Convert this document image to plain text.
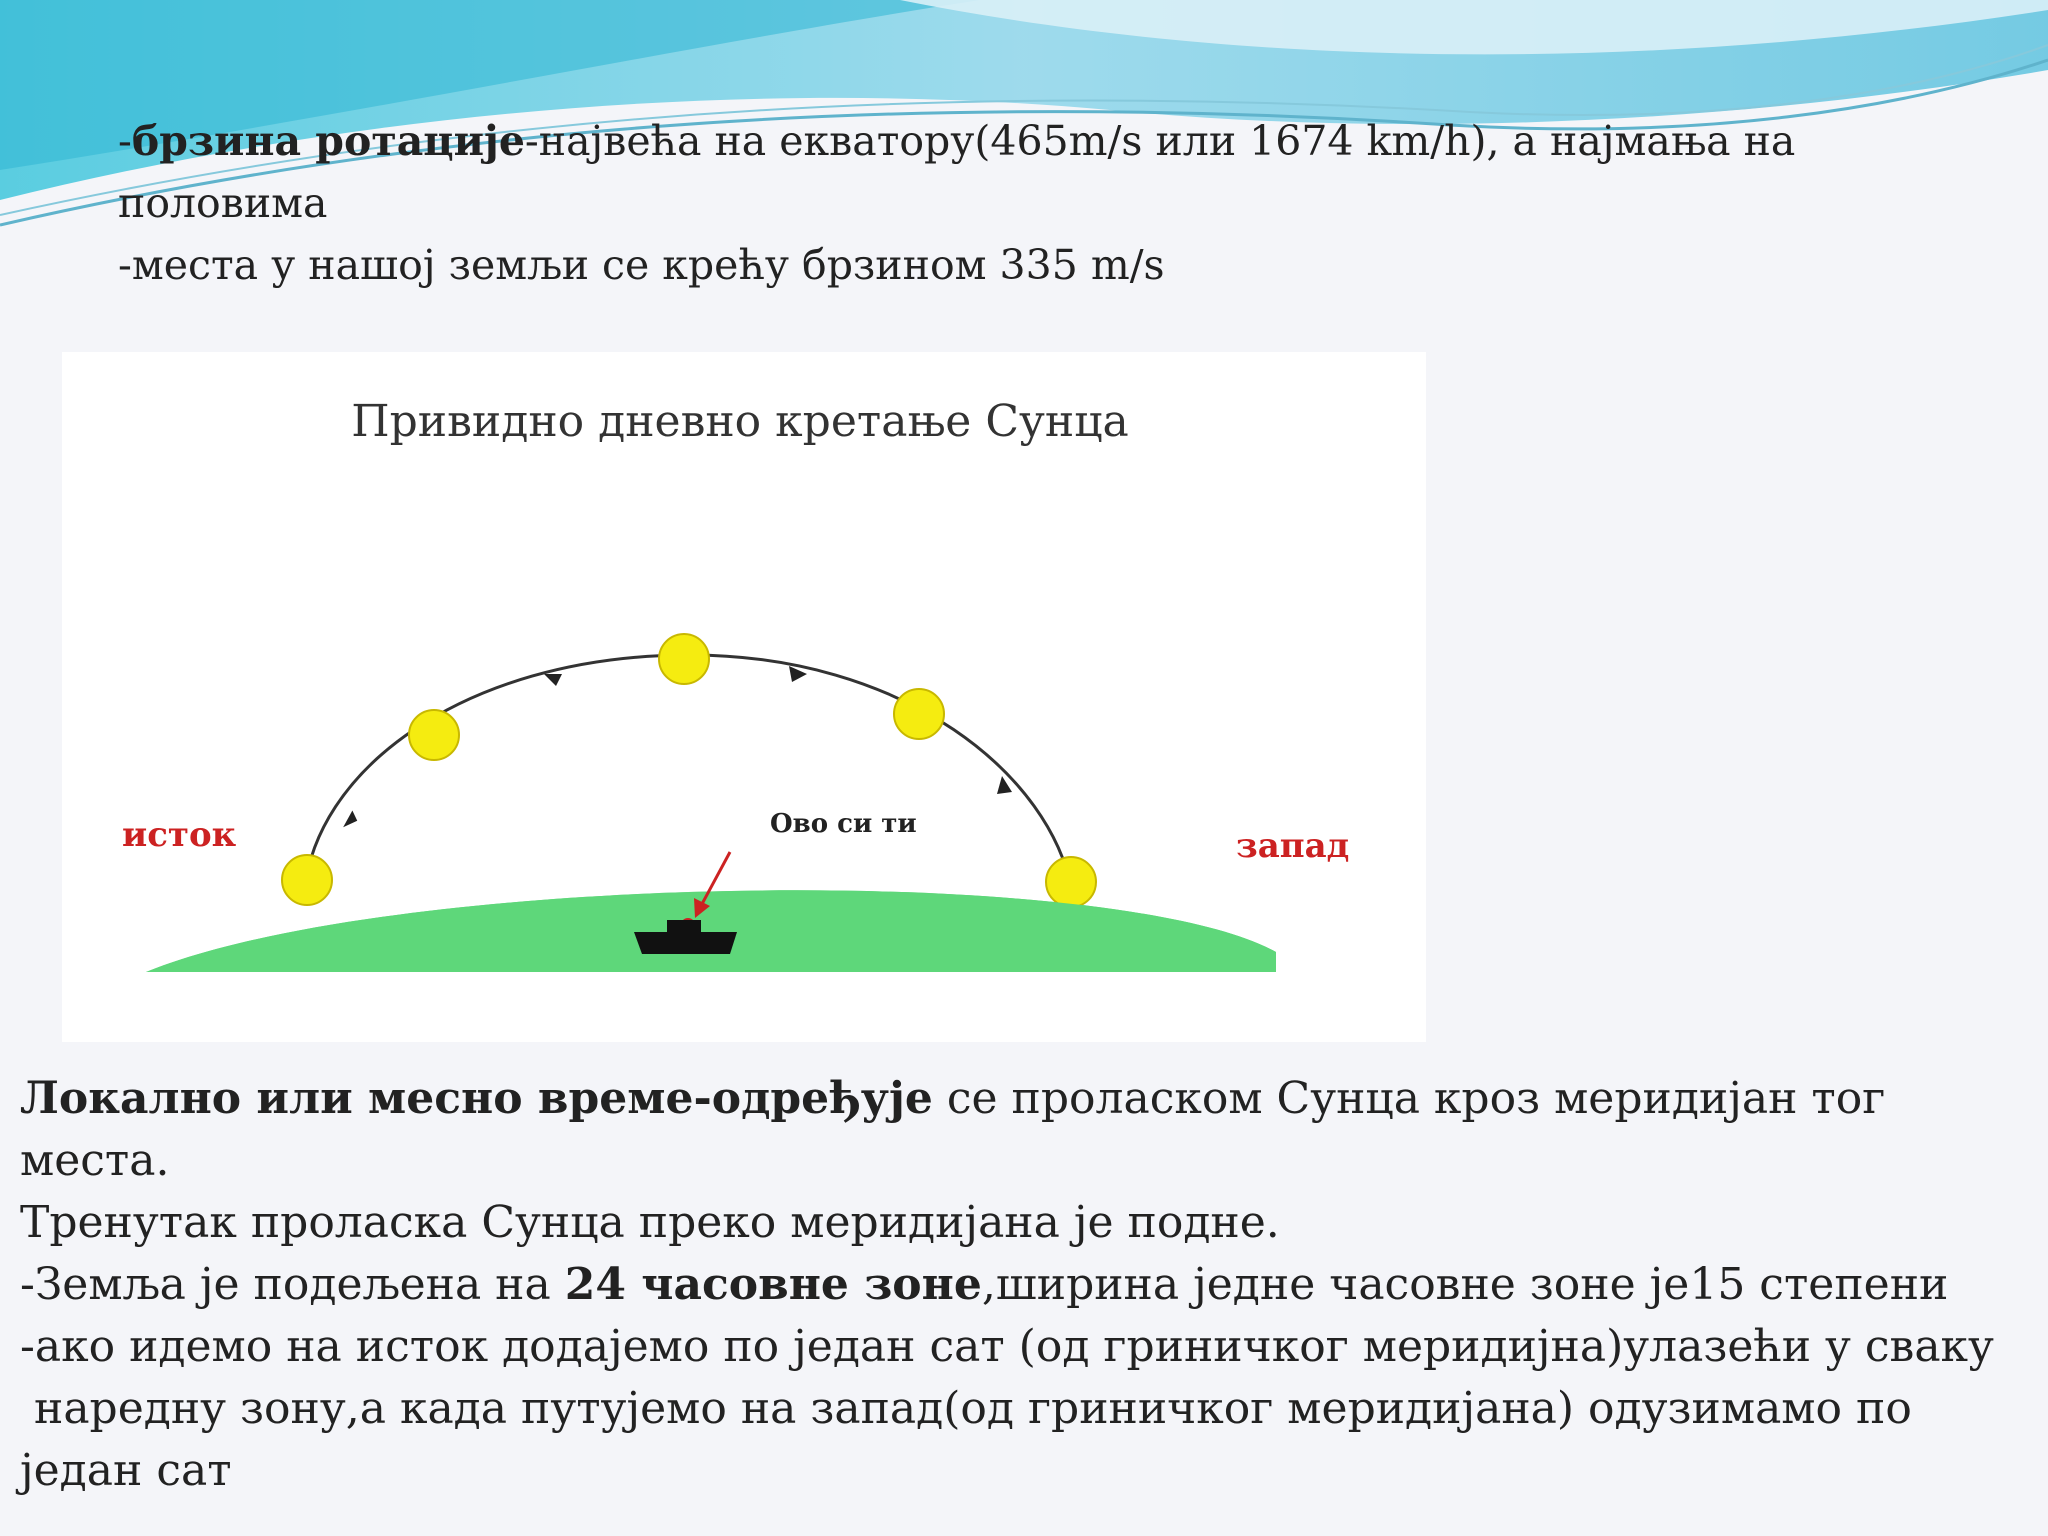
-брзина ротације-највећа на екватору(465m/s или 1674 km/h), а најмања на

половима

-места у нашој земљи се крећу брзином 335 m/s

Привидно дневно кретање Сунца
исток	запад
Ово си ти

Локално или месно време-одређује се проласком Сунца кроз меридијан тог места.

Тренутак проласка Сунца преко меридијана је подне.

-Земља је подељена на 24 часовне зоне,ширина једне часовне зоне је15 степени

-ако идемо на исток додајемо по један сат (од гриничког меридијна)улазећи у сваку

наредну зону,а када путујемо на запад(од гриничког меридијана) одузимамо по

један сат
